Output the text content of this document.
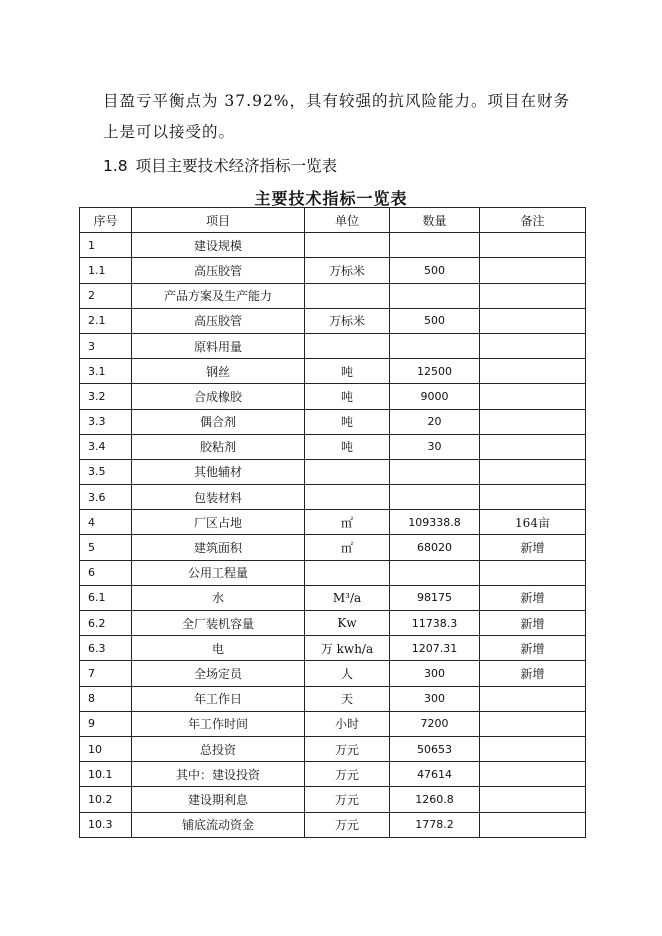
目盈亏平衡点为 37.92%，具有较强的抗风险能力。项目在财务
上是可以接受的。
1.8 项目主要技术经济指标一览表
主要技术指标一览表
序号	项目	单位	数量	备注
1	建设规模			
1.1	高压胶管	万标米	500	
2	产品方案及生产能力			
2.1	高压胶管	万标米	500	
3	原料用量			
3.1	钢丝	吨	12500	
3.2	合成橡胶	吨	9000	
3.3	偶合剂	吨	20	
3.4	胶粘剂	吨	30	
3.5	其他辅材			
3.6	包装材料			
4	厂区占地	㎡	109338.8	164亩
5	建筑面积	㎡	68020	新增
6	公用工程量			
6.1	水	M³/a	98175	新增
6.2	全厂装机容量	Kw	11738.3	新增
6.3	电	万 kwh/a	1207.31	新增
7	全场定员	人	300	新增
8	年工作日	天	300	
9	年工作时间	小时	7200	
10	总投资	万元	50653	
10.1	其中：建设投资	万元	47614	
10.2	建设期利息	万元	1260.8	
10.3	铺底流动资金	万元	1778.2	
